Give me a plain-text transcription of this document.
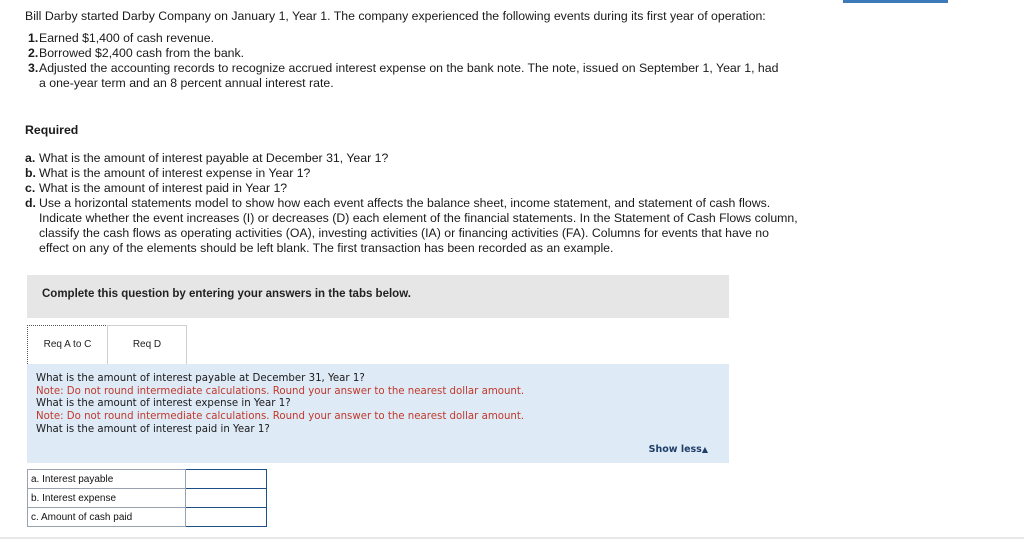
Bill Darby started Darby Company on January 1, Year 1. The company experienced the following events during its first year of operation:

1. Earned $1,400 of cash revenue.
2. Borrowed $2,400 cash from the bank.
3. Adjusted the accounting records to recognize accrued interest expense on the bank note. The note, issued on September 1, Year 1, had a one-year term and an 8 percent annual interest rate.
Required
a. What is the amount of interest payable at December 31, Year 1?
b. What is the amount of interest expense in Year 1?
c. What is the amount of interest paid in Year 1?
d. Use a horizontal statements model to show how each event affects the balance sheet, income statement, and statement of cash flows. Indicate whether the event increases (I) or decreases (D) each element of the financial statements. In the Statement of Cash Flows column, classify the cash flows as operating activities (OA), investing activities (IA) or financing activities (FA). Columns for events that have no effect on any of the elements should be left blank. The first transaction has been recorded as an example.
Complete this question by entering your answers in the tabs below.
Req A to C	Req D
What is the amount of interest payable at December 31, Year 1?
Note: Do not round intermediate calculations. Round your answer to the nearest dollar amount.
What is the amount of interest expense in Year 1?
Note: Do not round intermediate calculations. Round your answer to the nearest dollar amount.
What is the amount of interest paid in Year 1?
Show less▲
a. Interest payable	
b. Interest expense	
c. Amount of cash paid	
